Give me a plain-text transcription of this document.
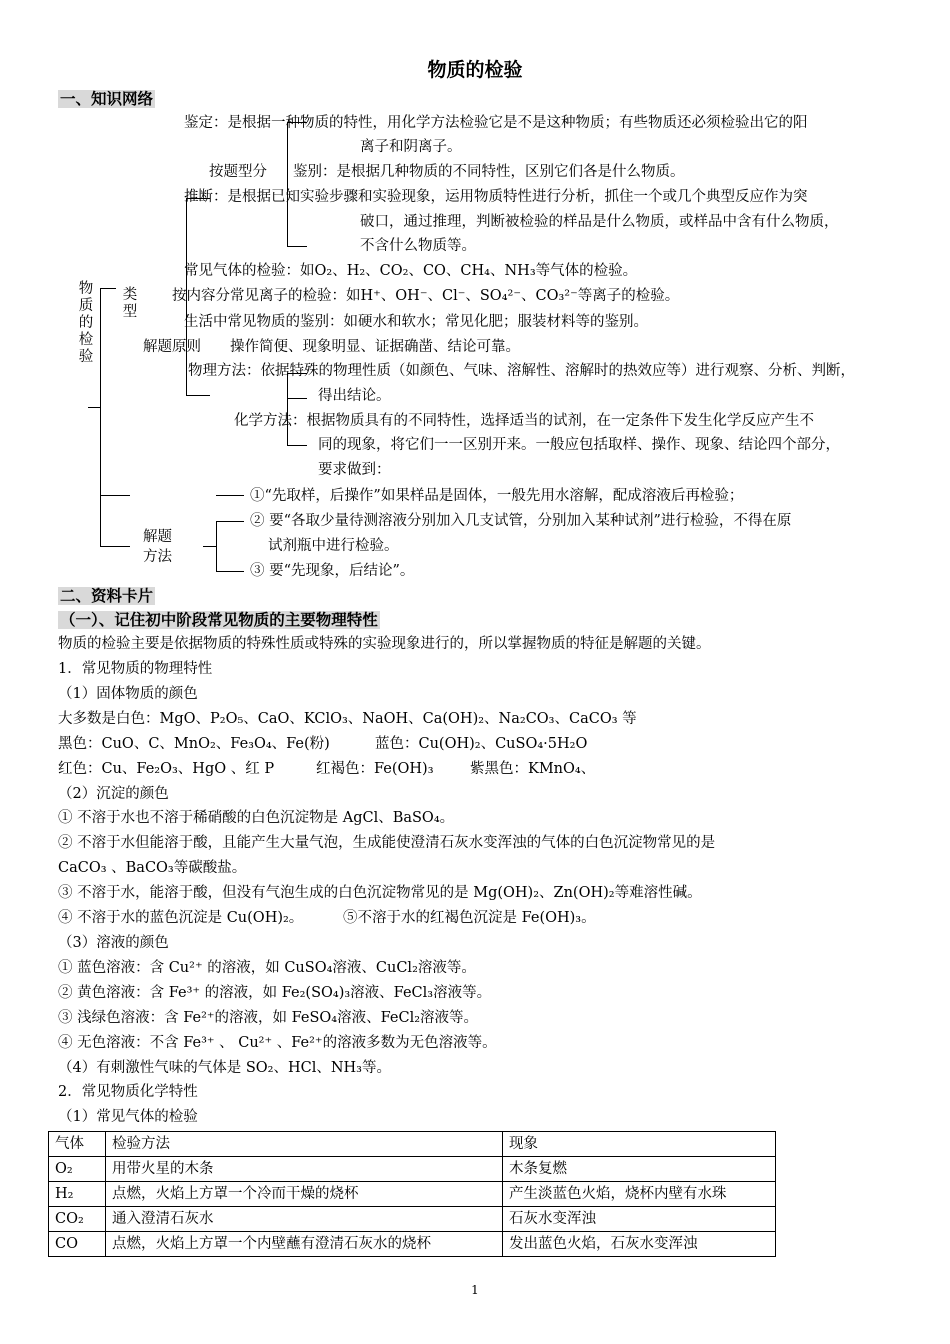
物质的检验
一、知识网络
物质的检验
类型
鉴定：是根据一种物质的特性，用化学方法检验它是不是这种物质；有些物质还必须检验出它的阳
离子和阴离子。
按题型分 鉴别：是根据几种物质的不同特性，区别它们各是什么物质。
推断：是根据已知实验步骤和实验现象，运用物质特性进行分析，抓住一个或几个典型反应作为突
破口，通过推理，判断被检验的样品是什么物质，或样品中含有什么物质，
不含什么物质等。
常见气体的检验：如O₂、H₂、CO₂、CO、CH₄、NH₃等气体的检验。
按内容分 常见离子的检验：如H⁺、OH⁻、Cl⁻、SO₄²⁻、CO₃²⁻等离子的检验。
生活中常见物质的鉴别：如硬水和软水；常见化肥；服装材料等的鉴别。
解题原则 操作简便、现象明显、证据确凿、结论可靠。
物理方法：依据特殊的物理性质（如颜色、气味、溶解性、溶解时的热效应等）进行观察、分析、判断，
得出结论。
化学方法：根据物质具有的不同特性，选择适当的试剂，在一定条件下发生化学反应产生不
同的现象，将它们一一区别开来。一般应包括取样、操作、现象、结论四个部分，
要求做到：
①“先取样，后操作”如果样品是固体，一般先用水溶解，配成溶液后再检验；
解题
方法
② 要“各取少量待测溶液分别加入几支试管，分别加入某种试剂”进行检验，不得在原
试剂瓶中进行检验。
③ 要“先现象，后结论”。
二、资料卡片
（一）、记住初中阶段常见物质的主要物理特性
物质的检验主要是依据物质的特殊性质或特殊的实验现象进行的，所以掌握物质的特征是解题的关键。
1．常见物质的物理特性
（1）固体物质的颜色
大多数是白色：MgO、P₂O₅、CaO、KClO₃、NaOH、Ca(OH)₂、Na₂CO₃、CaCO₃ 等
黑色：CuO、C、MnO₂、Fe₃O₄、Fe(粉)	蓝色：Cu(OH)₂、CuSO₄·5H₂O
红色：Cu、Fe₂O₃、HgO 、红 P	红褐色：Fe(OH)₃	紫黑色：KMnO₄、
（2）沉淀的颜色
① 不溶于水也不溶于稀硝酸的白色沉淀物是 AgCl、BaSO₄。
② 不溶于水但能溶于酸，且能产生大量气泡，生成能使澄清石灰水变浑浊的气体的白色沉淀物常见的是
CaCO₃ 、BaCO₃等碳酸盐。
③ 不溶于水，能溶于酸，但没有气泡生成的白色沉淀物常见的是 Mg(OH)₂、Zn(OH)₂等难溶性碱。
④ 不溶于水的蓝色沉淀是 Cu(OH)₂。	⑤不溶于水的红褐色沉淀是 Fe(OH)₃。
（3）溶液的颜色
① 蓝色溶液：含 Cu²⁺ 的溶液，如 CuSO₄溶液、CuCl₂溶液等。
② 黄色溶液：含 Fe³⁺ 的溶液，如 Fe₂(SO₄)₃溶液、FeCl₃溶液等。
③ 浅绿色溶液：含 Fe²⁺的溶液，如 FeSO₄溶液、FeCl₂溶液等。
④ 无色溶液：不含 Fe³⁺ 、 Cu²⁺ 、Fe²⁺的溶液多数为无色溶液等。
（4）有刺激性气味的气体是 SO₂、HCl、NH₃等。
2．常见物质化学特性
（1）常见气体的检验
气体	检验方法	现象
O₂	用带火星的木条	木条复燃
H₂	点燃，火焰上方罩一个冷而干燥的烧杯	产生淡蓝色火焰，烧杯内壁有水珠
CO₂	通入澄清石灰水	石灰水变浑浊
CO	点燃，火焰上方罩一个内壁蘸有澄清石灰水的烧杯	发出蓝色火焰，石灰水变浑浊
1
